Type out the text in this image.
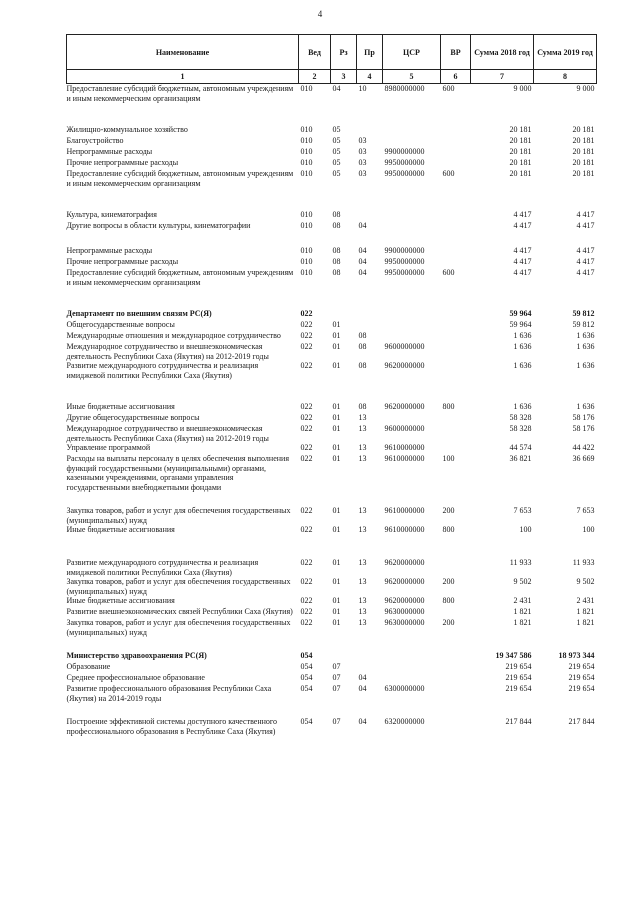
4
Наименование	Вед	Рз	Пр	ЦСР	ВР	Сумма 2018 год	Сумма 2019 год
1	2	3	4	5	6	7	8
Предоставление субсидий бюджетным, автономным учреждениям и иным некоммерческим организациям	010	04	10	8980000000	600	9 000	9 000

Жилищно-коммунальное хозяйство	010	05				20 181	20 181
Благоустройство	010	05	03			20 181	20 181
Непрограммные расходы	010	05	03	9900000000		20 181	20 181
Прочие непрограммные расходы	010	05	03	9950000000		20 181	20 181
Предоставление субсидий бюджетным, автономным учреждениям и иным некоммерческим организациям	010	05	03	9950000000	600	20 181	20 181

Культура, кинематография	010	08				4 417	4 417
Другие вопросы в области культуры, кинематографии	010	08	04			4 417	4 417

Непрограммные расходы	010	08	04	9900000000		4 417	4 417
Прочие непрограммные расходы	010	08	04	9950000000		4 417	4 417
Предоставление субсидий бюджетным, автономным учреждениям и иным некоммерческим организациям	010	08	04	9950000000	600	4 417	4 417

Департамент по внешним связям РС(Я)	022					59 964	59 812
Общегосударственные вопросы	022	01				59 964	59 812
Международные отношения и международное сотрудничество	022	01	08			1 636	1 636
Международное сотрудничество и внешнеэкономическая деятельность Республики Саха (Якутия) на 2012-2019 годы	022	01	08	9600000000		1 636	1 636
Развитие международного сотрудничества и реализация имиджевой политики Республики Саха (Якутия)	022	01	08	9620000000		1 636	1 636

Иные бюджетные ассигнования	022	01	08	9620000000	800	1 636	1 636
Другие общегосударственные вопросы	022	01	13			58 328	58 176
Международное сотрудничество и внешнеэкономическая деятельность Республики Саха (Якутия) на 2012-2019 годы	022	01	13	9600000000		58 328	58 176
Управление программой	022	01	13	9610000000		44 574	44 422
Расходы на выплаты персоналу в целях обеспечения выполнения функций государственными (муниципальными) органами, казенными учреждениями, органами управления государственными внебюджетными фондами	022	01	13	9610000000	100	36 821	36 669

Закупка товаров, работ и услуг для обеспечения государственных (муниципальных) нужд	022	01	13	9610000000	200	7 653	7 653
Иные бюджетные ассигнования	022	01	13	9610000000	800	100	100

Развитие международного сотрудничества и реализация имиджевой политики Республики Саха (Якутия)	022	01	13	9620000000		11 933	11 933
Закупка товаров, работ и услуг для обеспечения государственных (муниципальных) нужд	022	01	13	9620000000	200	9 502	9 502
Иные бюджетные ассигнования	022	01	13	9620000000	800	2 431	2 431
Развитие внешнеэкономических связей Республики Саха (Якутия)	022	01	13	9630000000		1 821	1 821
Закупка товаров, работ и услуг для обеспечения государственных (муниципальных) нужд	022	01	13	9630000000	200	1 821	1 821

Министерство здравоохранения РС(Я)	054					19 347 586	18 973 344
Образование	054	07				219 654	219 654
Среднее профессиональное образование	054	07	04			219 654	219 654
Развитие профессионального образования Республики Саха (Якутия) на 2014-2019 годы	054	07	04	6300000000		219 654	219 654

Построение эффективной системы доступного качественного профессионального образования в Республике Саха (Якутия)	054	07	04	6320000000		217 844	217 844
